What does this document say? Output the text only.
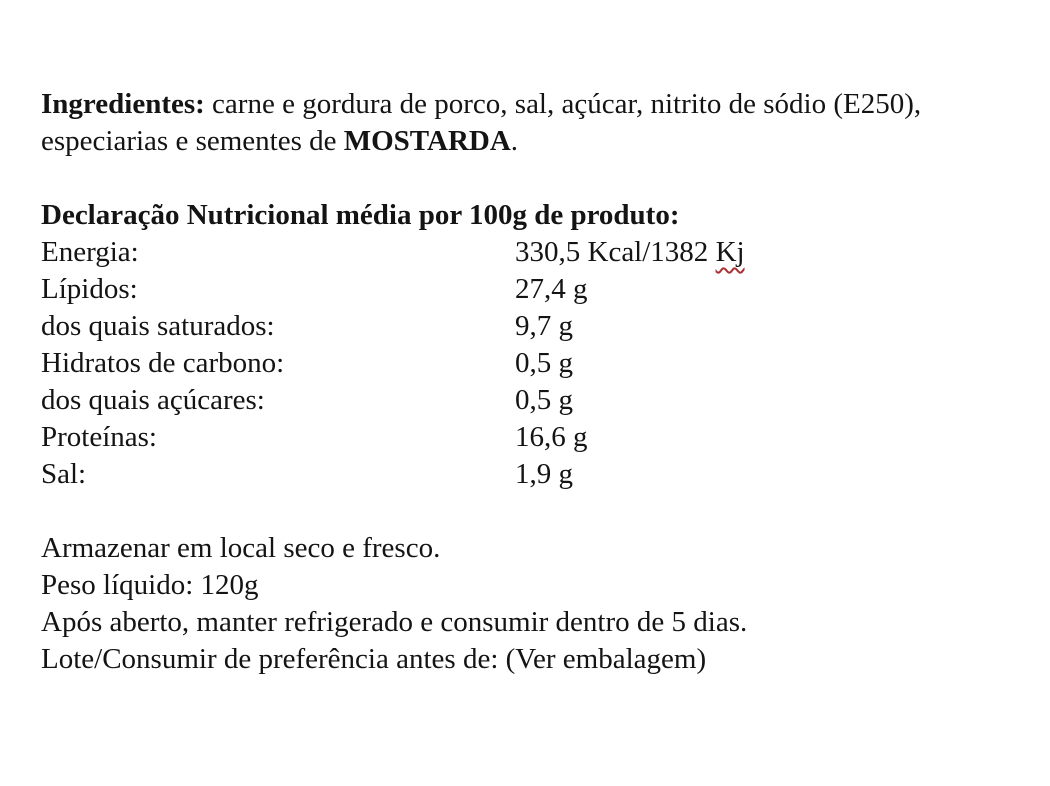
Ingredientes: carne e gordura de porco, sal, açúcar, nitrito de sódio (E250), especiarias e sementes de MOSTARDA.
Declaração Nutricional média por 100g de produto:
Energia:	330,5 Kcal/1382 Kj
Lípidos:	27,4 g
dos quais saturados:	9,7 g
Hidratos de carbono:	0,5 g
dos quais açúcares:	0,5 g
Proteínas:	16,6 g
Sal:	1,9 g
Armazenar em local seco e fresco.
Peso líquido: 120g
Após aberto, manter refrigerado e consumir dentro de 5 dias.
Lote/Consumir de preferência antes de: (Ver embalagem)
